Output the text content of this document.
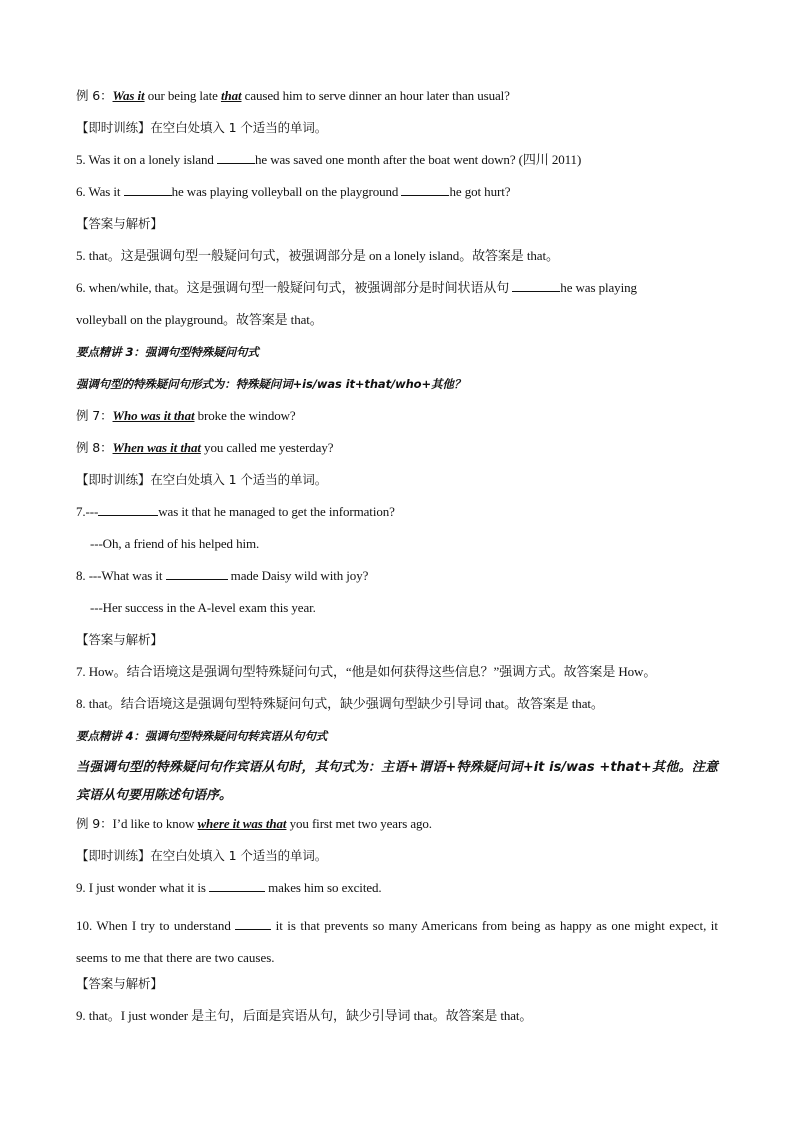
例 6：Was it our being late that caused him to serve dinner an hour later than usual?
【即时训练】在空白处填入 1 个适当的单词。
5. Was it on a lonely island	he was saved one month after the boat went down? (四川 2011)
6. Was it	he was playing volleyball on the playground	he got hurt?
【答案与解析】
5. that。这是强调句型一般疑问句式，被强调部分是 on a lonely island。故答案是 that。
6. when/while, that。这是强调句型一般疑问句式，被强调部分是时间状语从句	he was playing
volleyball on the playground。故答案是 that。
要点精讲 3：强调句型特殊疑问句式
强调句型的特殊疑问句形式为：特殊疑问词+is/was it+that/who+其他？
例 7：Who was it that broke the window?
例 8：When was it that you called me yesterday?
【即时训练】在空白处填入 1 个适当的单词。
7.---	was it that he managed to get the information?
---Oh, a friend of his helped him.
8. ---What was it	made Daisy wild with joy?
---Her success in the A-level exam this year.
【答案与解析】
7. How。结合语境这是强调句型特殊疑问句式，“他是如何获得这些信息？”强调方式。故答案是 How。
8. that。结合语境这是强调句型特殊疑问句式，缺少强调句型缺少引导词 that。故答案是 that。
要点精讲 4：强调句型特殊疑问句转宾语从句句式
当强调句型的特殊疑问句作宾语从句时，其句式为：主语+谓语+特殊疑问词+it is/was +that+其他。注意宾语从句要用陈述句语序。
例 9：I’d like to know where it was that you first met two years ago.
【即时训练】在空白处填入 1 个适当的单词。
9. I just wonder what it is	makes him so excited.
10. When I try to understand	it is that prevents so many Americans from being as happy as one might expect, it seems to me that there are two causes.
【答案与解析】
9. that。I just wonder 是主句，后面是宾语从句，缺少引导词 that。故答案是 that。
